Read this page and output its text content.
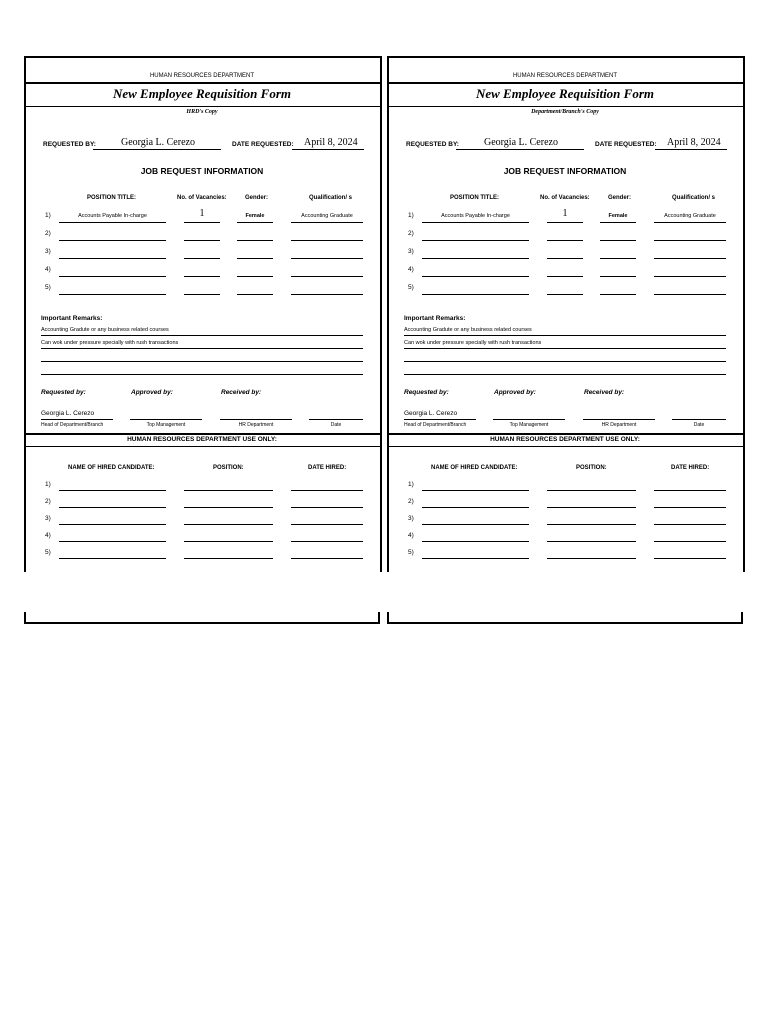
HUMAN RESOURCES DEPARTMENT
New Employee Requisition Form
HRD's Copy
REQUESTED BY:	Georgia L. Cerezo	DATE REQUESTED: April 8, 2024
JOB REQUEST INFORMATION
POSITION TITLE:	No. of Vacancies:	Gender:	Qualification/ s
1)	Accounts Payable In-charge	1	Female	Accounting Graduate
2)
3)
4)
5)
Important Remarks:
Accounting Gradute or any business related courses
Can wok under pressure specially with rush transactions
Requested by:	Approved by:	Received by:
Georgia L. Cerezo
Head of Department/Branch	Top Management	HR Department	Date
HUMAN RESOURCES DEPARTMENT USE ONLY:
NAME OF HIRED CANDIDATE:	POSITION:	DATE HIRED:
1)
2)
3)
4)
5)
HUMAN RESOURCES DEPARTMENT
New Employee Requisition Form
Department/Branch's Copy
REQUESTED BY:	Georgia L. Cerezo	DATE REQUESTED: April 8, 2024
JOB REQUEST INFORMATION
POSITION TITLE:	No. of Vacancies:	Gender:	Qualification/ s
1)	Accounts Payable In-charge	1	Female	Accounting Graduate
2)
3)
4)
5)
Important Remarks:
Accounting Gradute or any business related courses
Can wok under pressure specially with rush transactions
Requested by:	Approved by:	Received by:
Georgia L. Cerezo
Head of Department/Branch	Top Management	HR Department	Date
HUMAN RESOURCES DEPARTMENT USE ONLY:
NAME OF HIRED CANDIDATE:	POSITION:	DATE HIRED:
1)
2)
3)
4)
5)
